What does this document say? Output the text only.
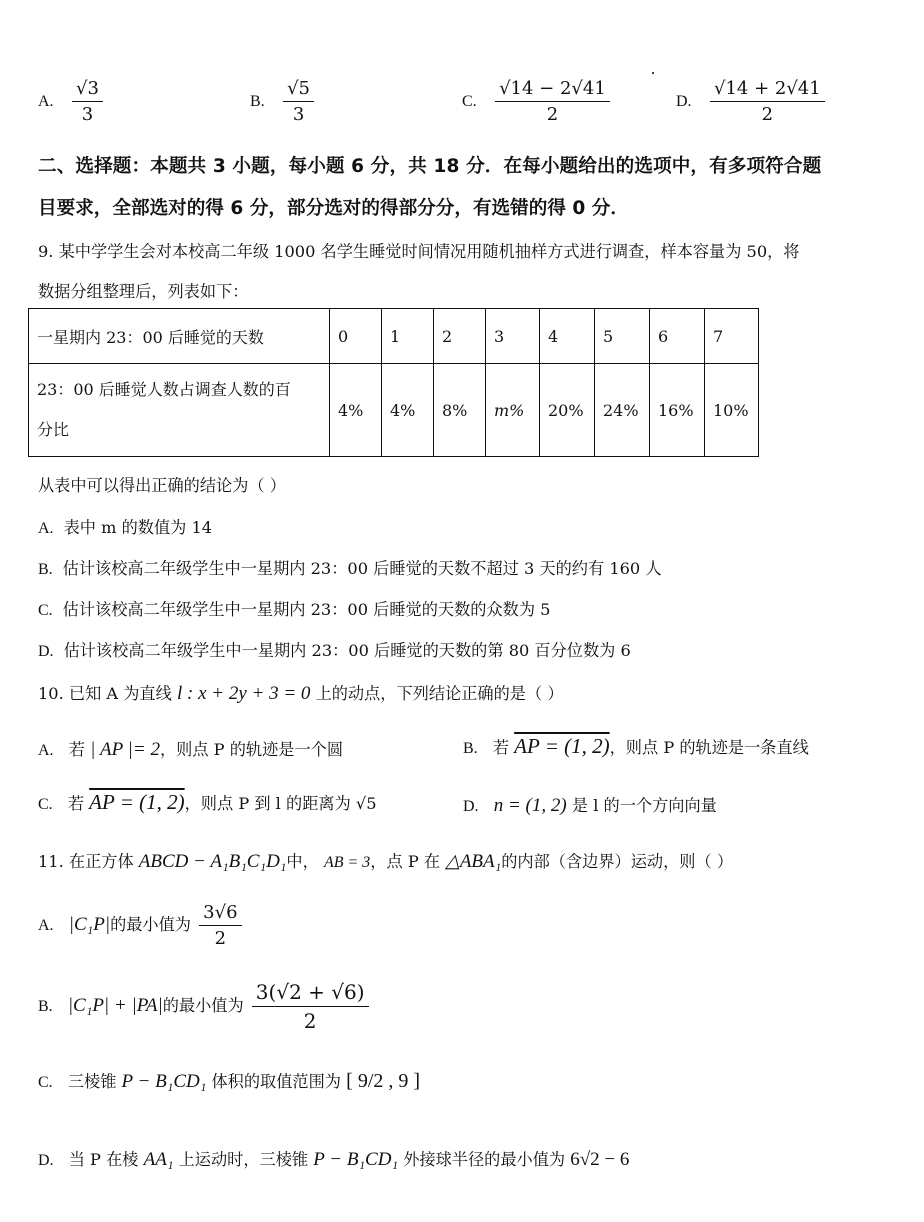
A. $\frac{√3}{3}$	B. $\frac{√5}{3}$	C. $\frac{√14 - 2√41}{2}$	D. $\frac{√14 + 2√41}{2}$
二、选择题：本题共 3 小题，每小题 6 分，共 18 分．在每小题给出的选项中，有多项符合题
目要求，全部选对的得 6 分，部分选对的得部分分，有选错的得 0 分．
9. 某中学学生会对本校高二年级 1000 名学生睡觉时间情况用随机抽样方式进行调查，样本容量为 50，将
数据分组整理后，列表如下：
一星期内 23：00 后睡觉的天数	0	1	2	3	4	5	6	7

23：00 后睡觉人数占调查人数的百
分比	4%	4%	8%	m%	20%	24%	16%	10%
从表中可以得出正确的结论为（ ）
A. 表中 m 的数值为 14
B. 估计该校高二年级学生中一星期内 23：00 后睡觉的天数不超过 3 天的约有 160 人
C. 估计该校高二年级学生中一星期内 23：00 后睡觉的天数的众数为 5
D. 估计该校高二年级学生中一星期内 23：00 后睡觉的天数的第 80 百分位数为 6
10. 已知 A 为直线 l : x + 2y + 3 = 0 上的动点，下列结论正确的是（ ）
A. 若 | AP |= 2，则点 P 的轨迹是一个圆	B. 若 AP = (1, 2)，则点 P 的轨迹是一条直线
C. 若 AP = (1, 2)，则点 P 到 l 的距离为 √5	D. n = (1, 2) 是 l 的一个方向向量
11. 在正方体 ABCD − A₁B₁C₁D₁中， AB = 3，点 P 在 △ABA₁的内部（含边界）运动，则（ ）
A. |C₁P|的最小值为 $\frac{3√6}{2}$
B. |C₁P| + |PA|的最小值为 $\frac{3(√2 + √6)}{2}$
C. 三棱锥 P − B₁CD₁ 体积的取值范围为 [ 9/2 , 9 ]
D. 当 P 在棱 AA₁ 上运动时，三棱锥 P − B₁CD₁ 外接球半径的最小值为 6√2 − 6
